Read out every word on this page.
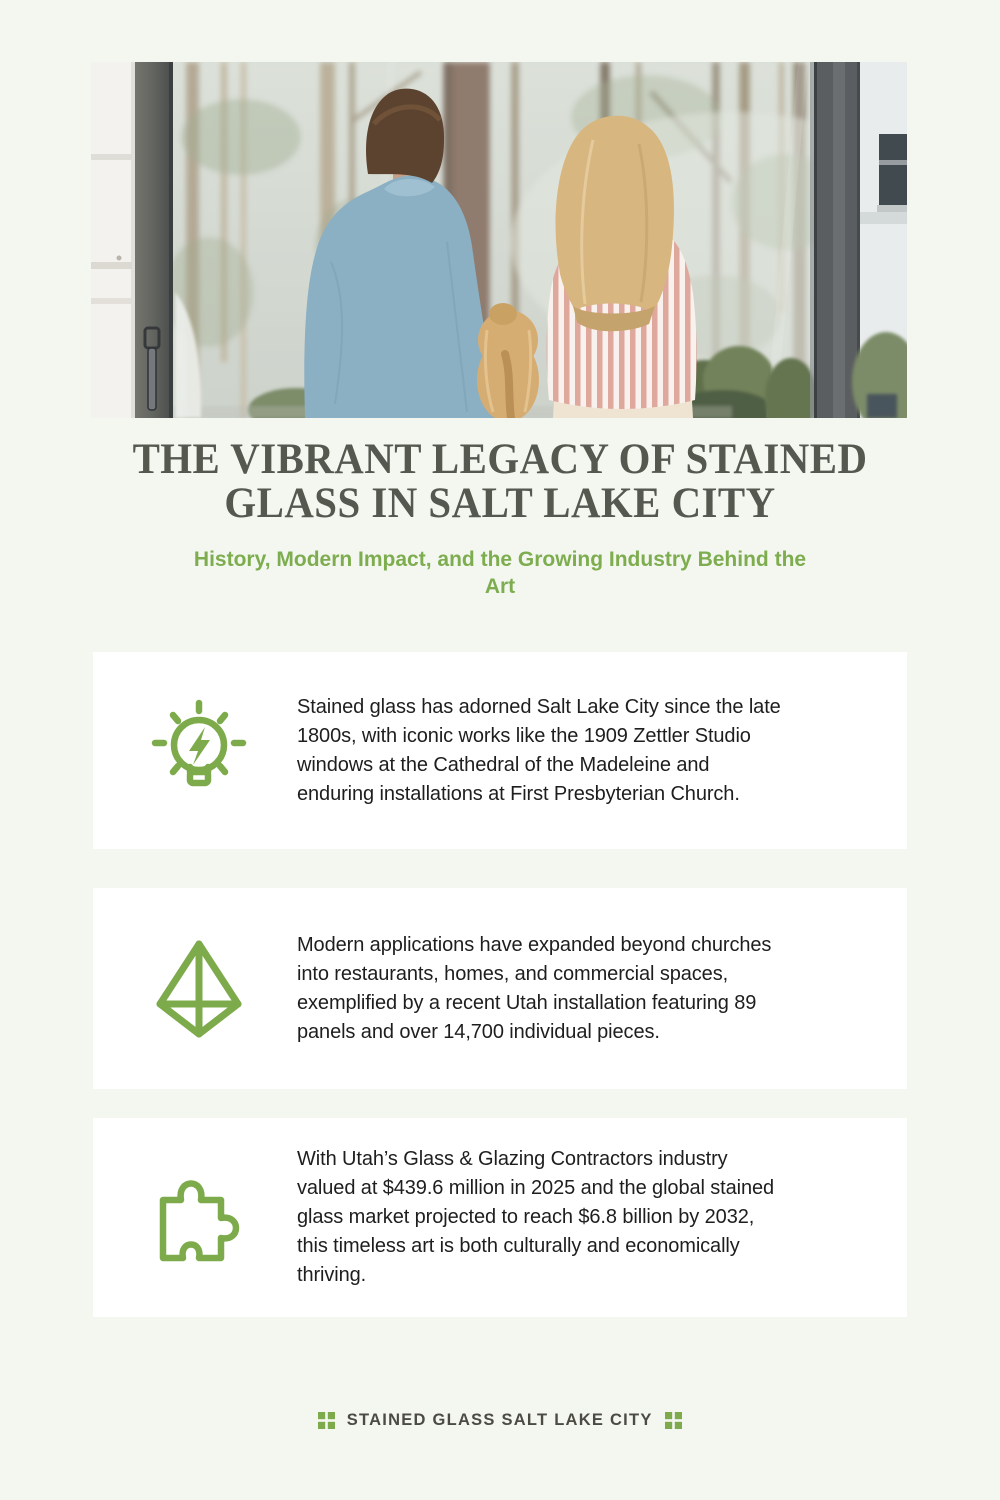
THE VIBRANT LEGACY OF STAINED
GLASS IN SALT LAKE CITY
History, Modern Impact, and the Growing Industry Behind the
Art
Stained glass has adorned Salt Lake City since the late 1800s, with iconic works like the 1909 Zettler Studio windows at the Cathedral of the Madeleine and enduring installations at First Presbyterian Church.
Modern applications have expanded beyond churches into restaurants, homes, and commercial spaces, exemplified by a recent Utah installation featuring 89 panels and over 14,700 individual pieces.
With Utah’s Glass & Glazing Contractors industry valued at $439.6 million in 2025 and the global stained glass market projected to reach $6.8 billion by 2032, this timeless art is both culturally and economically thriving.
STAINED GLASS SALT LAKE CITY
